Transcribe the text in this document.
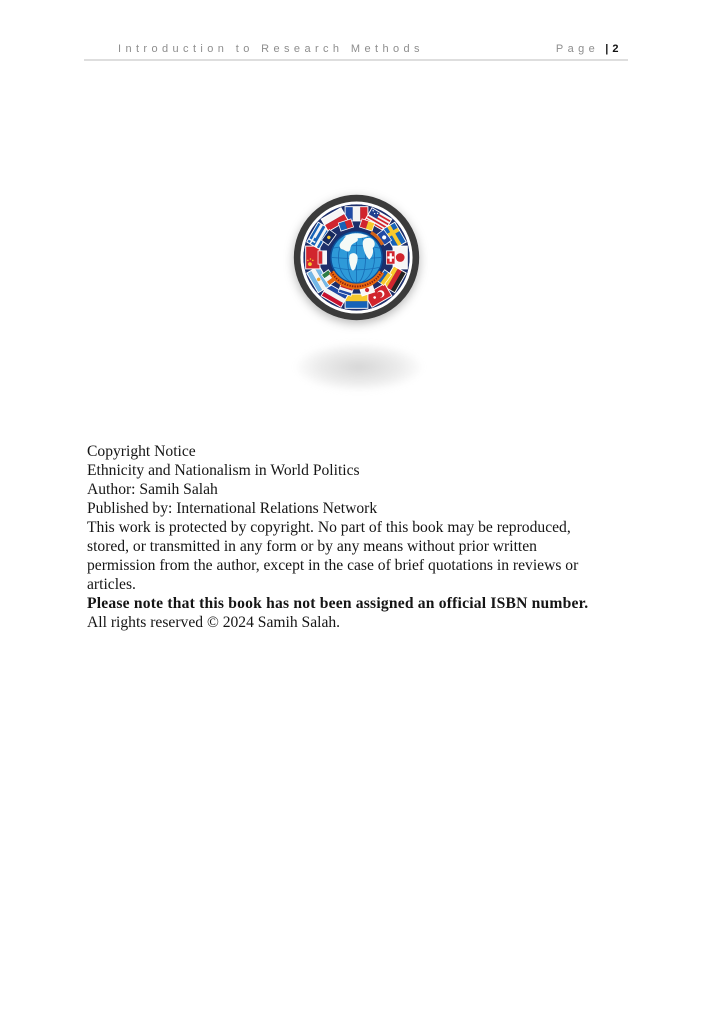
Introduction to Research Methods	Page | 2
Copyright Notice
Ethnicity and Nationalism in World Politics
Author: Samih Salah
Published by: International Relations Network
This work is protected by copyright. No part of this book may be reproduced,
stored, or transmitted in any form or by any means without prior written
permission from the author, except in the case of brief quotations in reviews or
articles.
Please note that this book has not been assigned an official ISBN number.
All rights reserved © 2024 Samih Salah.
